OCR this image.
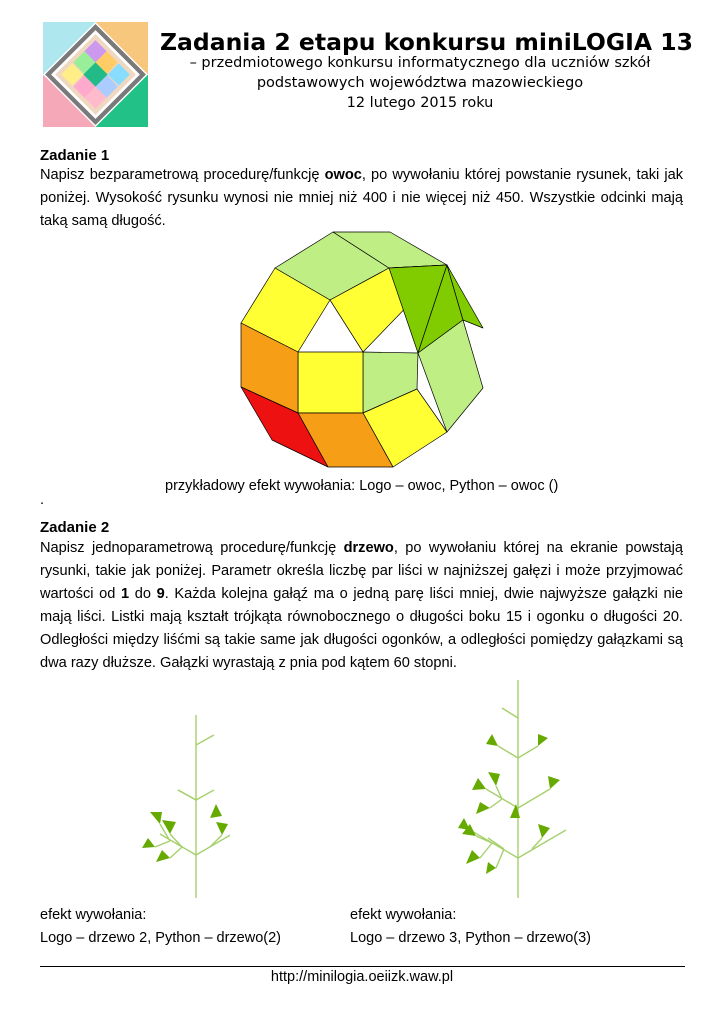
Zadania 2 etapu konkursu miniLOGIA 13
– przedmiotowego konkursu informatycznego dla uczniów szkół
podstawowych województwa mazowieckiego
12 lutego 2015 roku
Zadanie 1
Napisz bezparametrową procedurę/funkcję owoc, po wywołaniu której powstanie rysunek, taki jak
poniżej. Wysokość rysunku wynosi nie mniej niż 400 i nie więcej niż 450. Wszystkie odcinki mają
taką samą długość.
przykładowy efekt wywołania: Logo – owoc, Python – owoc ()
.
Zadanie 2
Napisz jednoparametrową procedurę/funkcję drzewo, po wywołaniu której na ekranie powstają
rysunki, takie jak poniżej. Parametr określa liczbę par liści w najniższej gałęzi i może przyjmować
wartości od 1 do 9. Każda kolejna gałąź ma o jedną parę liści mniej, dwie najwyższe gałązki nie
mają liści. Listki mają kształt trójkąta równobocznego o długości boku 15 i ogonku o długości 20.
Odległości między liśćmi są takie same jak długości ogonków, a odległości pomiędzy gałązkami są
dwa razy dłuższe. Gałązki wyrastają z pnia pod kątem 60 stopni.
efekt wywołania:
Logo – drzewo 2, Python – drzewo(2)
efekt wywołania:
Logo – drzewo 3, Python – drzewo(3)
http://minilogia.oeiizk.waw.pl
